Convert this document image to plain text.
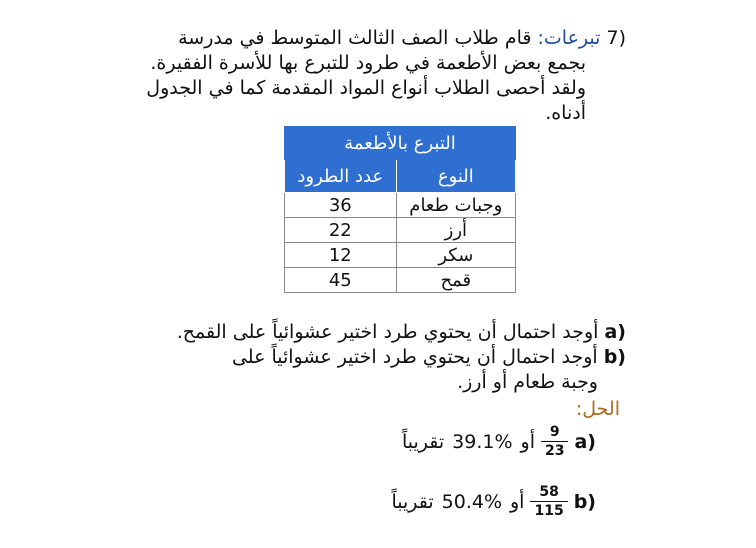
7) تبرعات: قام طلاب الصف الثالث المتوسط في مدرسة
بجمع بعض الأطعمة في طرود للتبرع بها للأسرة الفقيرة.
ولقد أحصى الطلاب أنواع المواد المقدمة كما في الجدول
أدناه.
التبرع بالأطعمة	
النوع	عدد الطرود
وجبات طعام	36
أرز	22
سكر	12
قمح	45
a) أوجد احتمال أن يحتوي طرد اختير عشوائياً على القمح.
b) أوجد احتمال أن يحتوي طرد اختير عشوائياً على
وجبة طعام أو أرز.
الحل:
a)
$\frac{9}{23}$
أو
39.1%
تقريباً
b)
$\frac{58}{115}$
أو
50.4%
تقريباً
